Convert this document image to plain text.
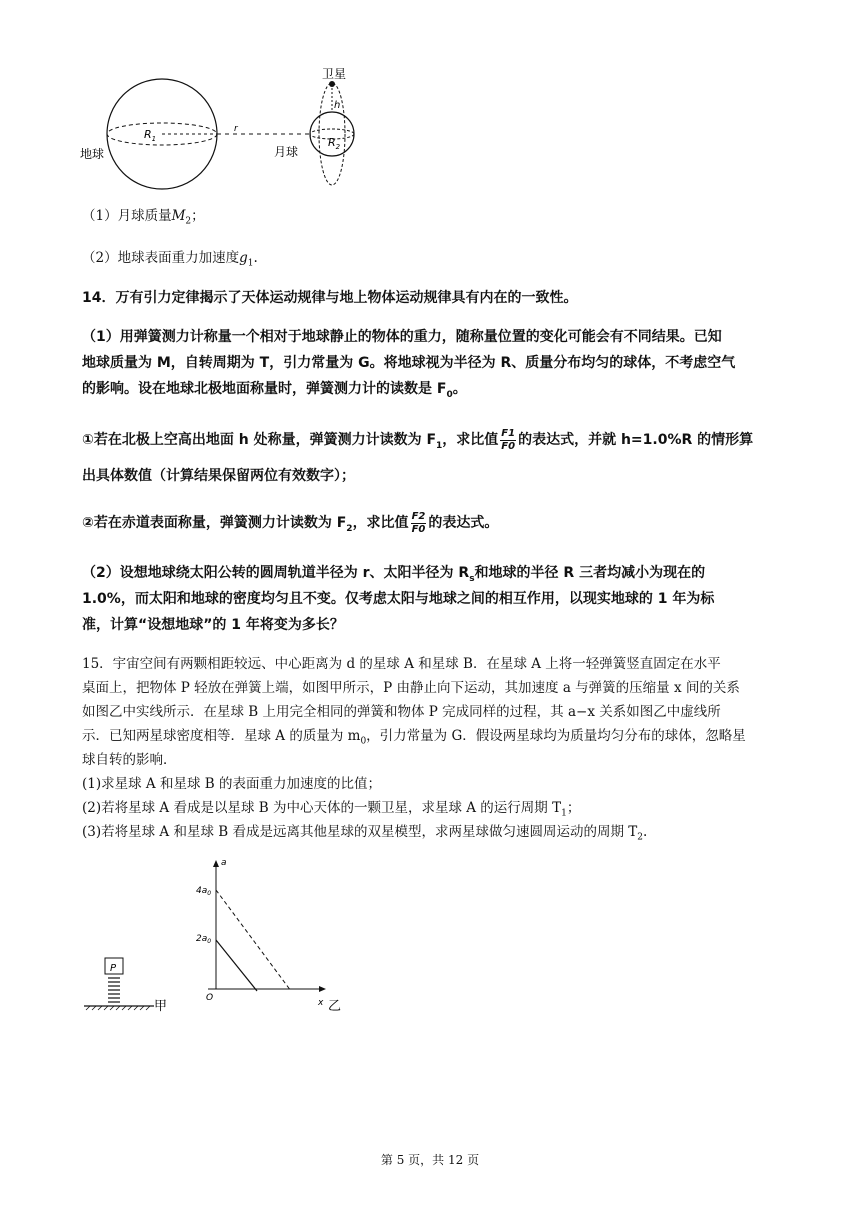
卫星
地球	月球
$R_1$
r
$R_2$
h
（1）月球质量$M_2$；
（2）地球表面重力加速度$g_1$.
14．万有引力定律揭示了天体运动规律与地上物体运动规律具有内在的一致性。
（1）用弹簧测力计称量一个相对于地球静止的物体的重力，随称量位置的变化可能会有不同结果。已知
地球质量为 M，自转周期为 T，引力常量为 G。将地球视为半径为 R、质量分布均匀的球体，不考虑空气
的影响。设在地球北极地面称量时，弹簧测力计的读数是 $F_0$。
①若在北极上空高出地面 h 处称量，弹簧测力计读数为 $F_1$，求比值 $\frac{F1}{F0}$ 的表达式，并就 h=1.0%R 的情形算
出具体数值（计算结果保留两位有效数字）；
②若在赤道表面称量，弹簧测力计读数为 $F_2$，求比值 $\frac{F2}{F0}$ 的表达式。
（2）设想地球绕太阳公转的圆周轨道半径为 r、太阳半径为 $R_s$和地球的半径 R 三者均减小为现在的
1.0%，而太阳和地球的密度均匀且不变。仅考虑太阳与地球之间的相互作用，以现实地球的 1 年为标
准，计算“设想地球”的 1 年将变为多长？
15．宇宙空间有两颗相距较远、中心距离为 d 的星球 A 和星球 B．在星球 A 上将一轻弹簧竖直固定在水平
桌面上，把物体 P 轻放在弹簧上端，如图甲所示，P 由静止向下运动，其加速度 a 与弹簧的压缩量 x 间的关系
如图乙中实线所示．在星球 B 上用完全相同的弹簧和物体 P 完成同样的过程，其 a−x 关系如图乙中虚线所
示．已知两星球密度相等．星球 A 的质量为 $m_0$，引力常量为 G．假设两星球均为质量均匀分布的球体，忽略星
球自转的影响．
(1)求星球 A 和星球 B 的表面重力加速度的比值；
(2)若将星球 A 看成是以星球 B 为中心天体的一颗卫星，求星球 A 的运行周期 $T_1$；
(3)若将星球 A 和星球 B 看成是远离其他星球的双星模型，求两星球做匀速圆周运动的周期 $T_2$.
P
甲
a
x
O
$4a_0$
$2a_0$
乙
第 5 页，共 12 页
